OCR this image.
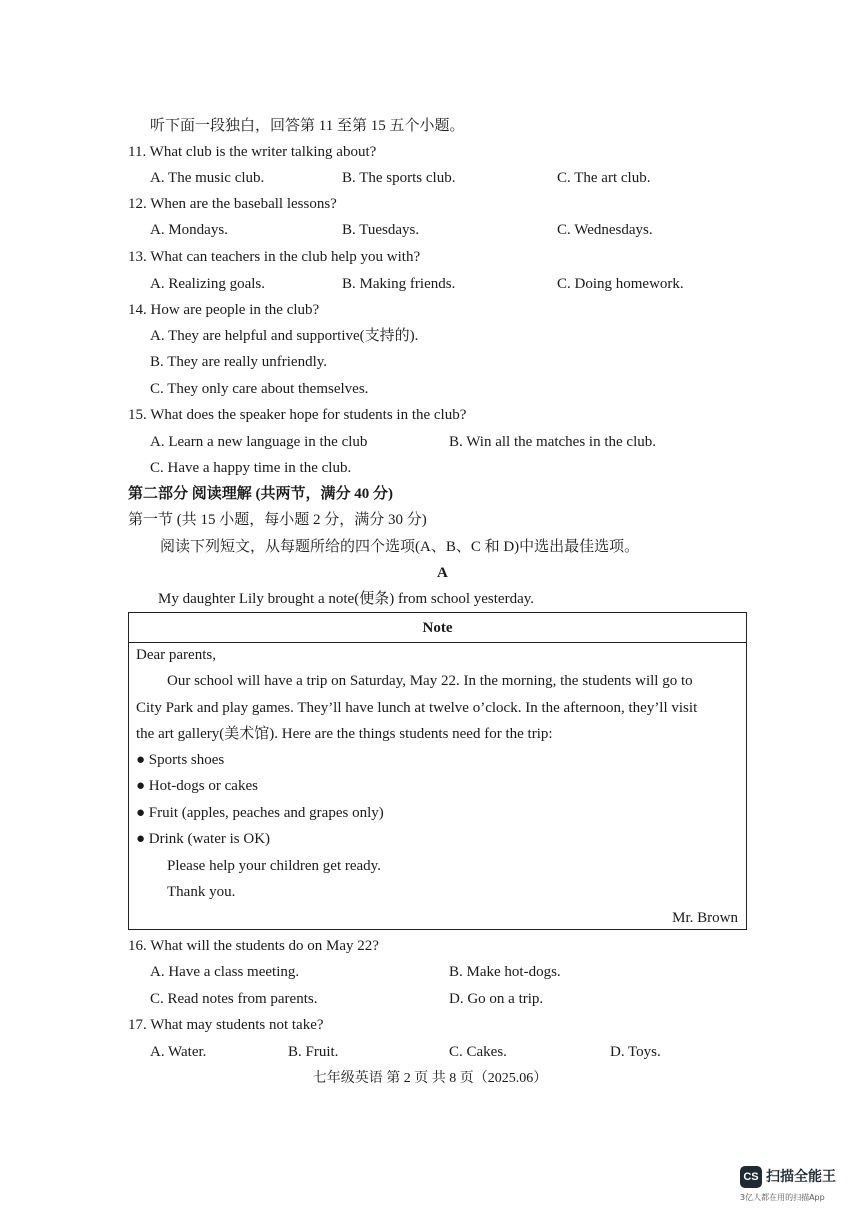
听下面一段独白，回答第 11 至第 15 五个小题。
11. What club is the writer talking about?
A. The music club.	B. The sports club.	C. The art club.
12. When are the baseball lessons?
A. Mondays.	B. Tuesdays.	C. Wednesdays.
13. What can teachers in the club help you with?
A. Realizing goals.	B. Making friends.	C. Doing homework.
14. How are people in the club?
A. They are helpful and supportive(支持的).
B. They are really unfriendly.
C. They only care about themselves.
15. What does the speaker hope for students in the club?
A. Learn a new language in the club	B. Win all the matches in the club.
C. Have a happy time in the club.
第二部分 阅读理解 (共两节，满分 40 分)
第一节 (共 15 小题，每小题 2 分，满分 30 分)
阅读下列短文，从每题所给的四个选项(A、B、C 和 D)中选出最佳选项。
A
My daughter Lily brought a note(便条) from school yesterday.
Note
Dear parents,
Our school will have a trip on Saturday, May 22. In the morning, the students will go to
City Park and play games. They’ll have lunch at twelve o’clock. In the afternoon, they’ll visit
the art gallery(美术馆). Here are the things students need for the trip:
● Sports shoes
● Hot-dogs or cakes
● Fruit (apples, peaches and grapes only)
● Drink (water is OK)
Please help your children get ready.
Thank you.
Mr. Brown
16. What will the students do on May 22?
A. Have a class meeting.	B. Make hot-dogs.
C. Read notes from parents.	D. Go on a trip.
17. What may students not take?
A. Water.	B. Fruit.	C. Cakes.	D. Toys.
七年级英语 第 2 页 共 8 页（2025.06）
CS 扫描全能王
3亿人都在用的扫描App
